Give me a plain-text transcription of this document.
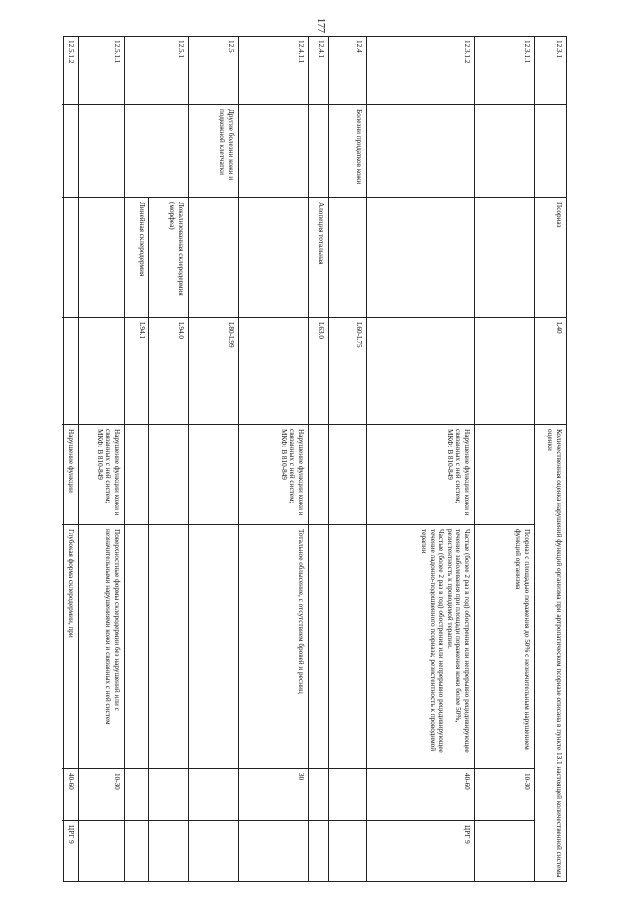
177
12.3.1
Псориаз
L40
Количественная оценка нарушений функций организма при артропатическом псориазе описана в пункте 13.1 настоящей количественной системы оценки
12.3.1.1
Псориаз с площадью поражения до 50% с незначительным нарушением функций организма
10-30
12.3.1.2
Нарушение функции кожи и связанных с ней систем;
МКФ: В 810-849
Частые (более 2 раз в год) обострения или непрерывно рецидивирующее течение заболевания при площади поражения кожи более 50%, резистентность к проводимой терапии.
Частые (более 2 раз в год) обострения или непрерывно рецидивирующее течение ладонно-подошвенного псориаза; резистентность к проводимой терапии
40-60
ЦРГ 9
12.4
Болезни придатков кожи
L60-L75
12.4.1
Алопеция тотальная
L63.0
12.4.1.1
Нарушение функции кожи и связанных с ней систем;
МКФ: В 810-849
Тотальное облысение, с отсутствием бровей и ресниц
30
12.5
Другие болезни кожи и подкожной клетчатки
L80-L99
12.5.1
Локализованная склеродермия (морфеа)
L94.0
Линейная склеродермия
L94.1
12.5.1.1
Нарушение функции кожи и связанных с ней систем;
МКФ: В 810-849
Поверхностные формы склеродермии без нарушений или с незначительными нарушениями кожи и связанных с ней систем
10-30
12.5.1.2
Нарушение функции
Глубокая форма склеродермии, при
40-60
ЦРГ 9
